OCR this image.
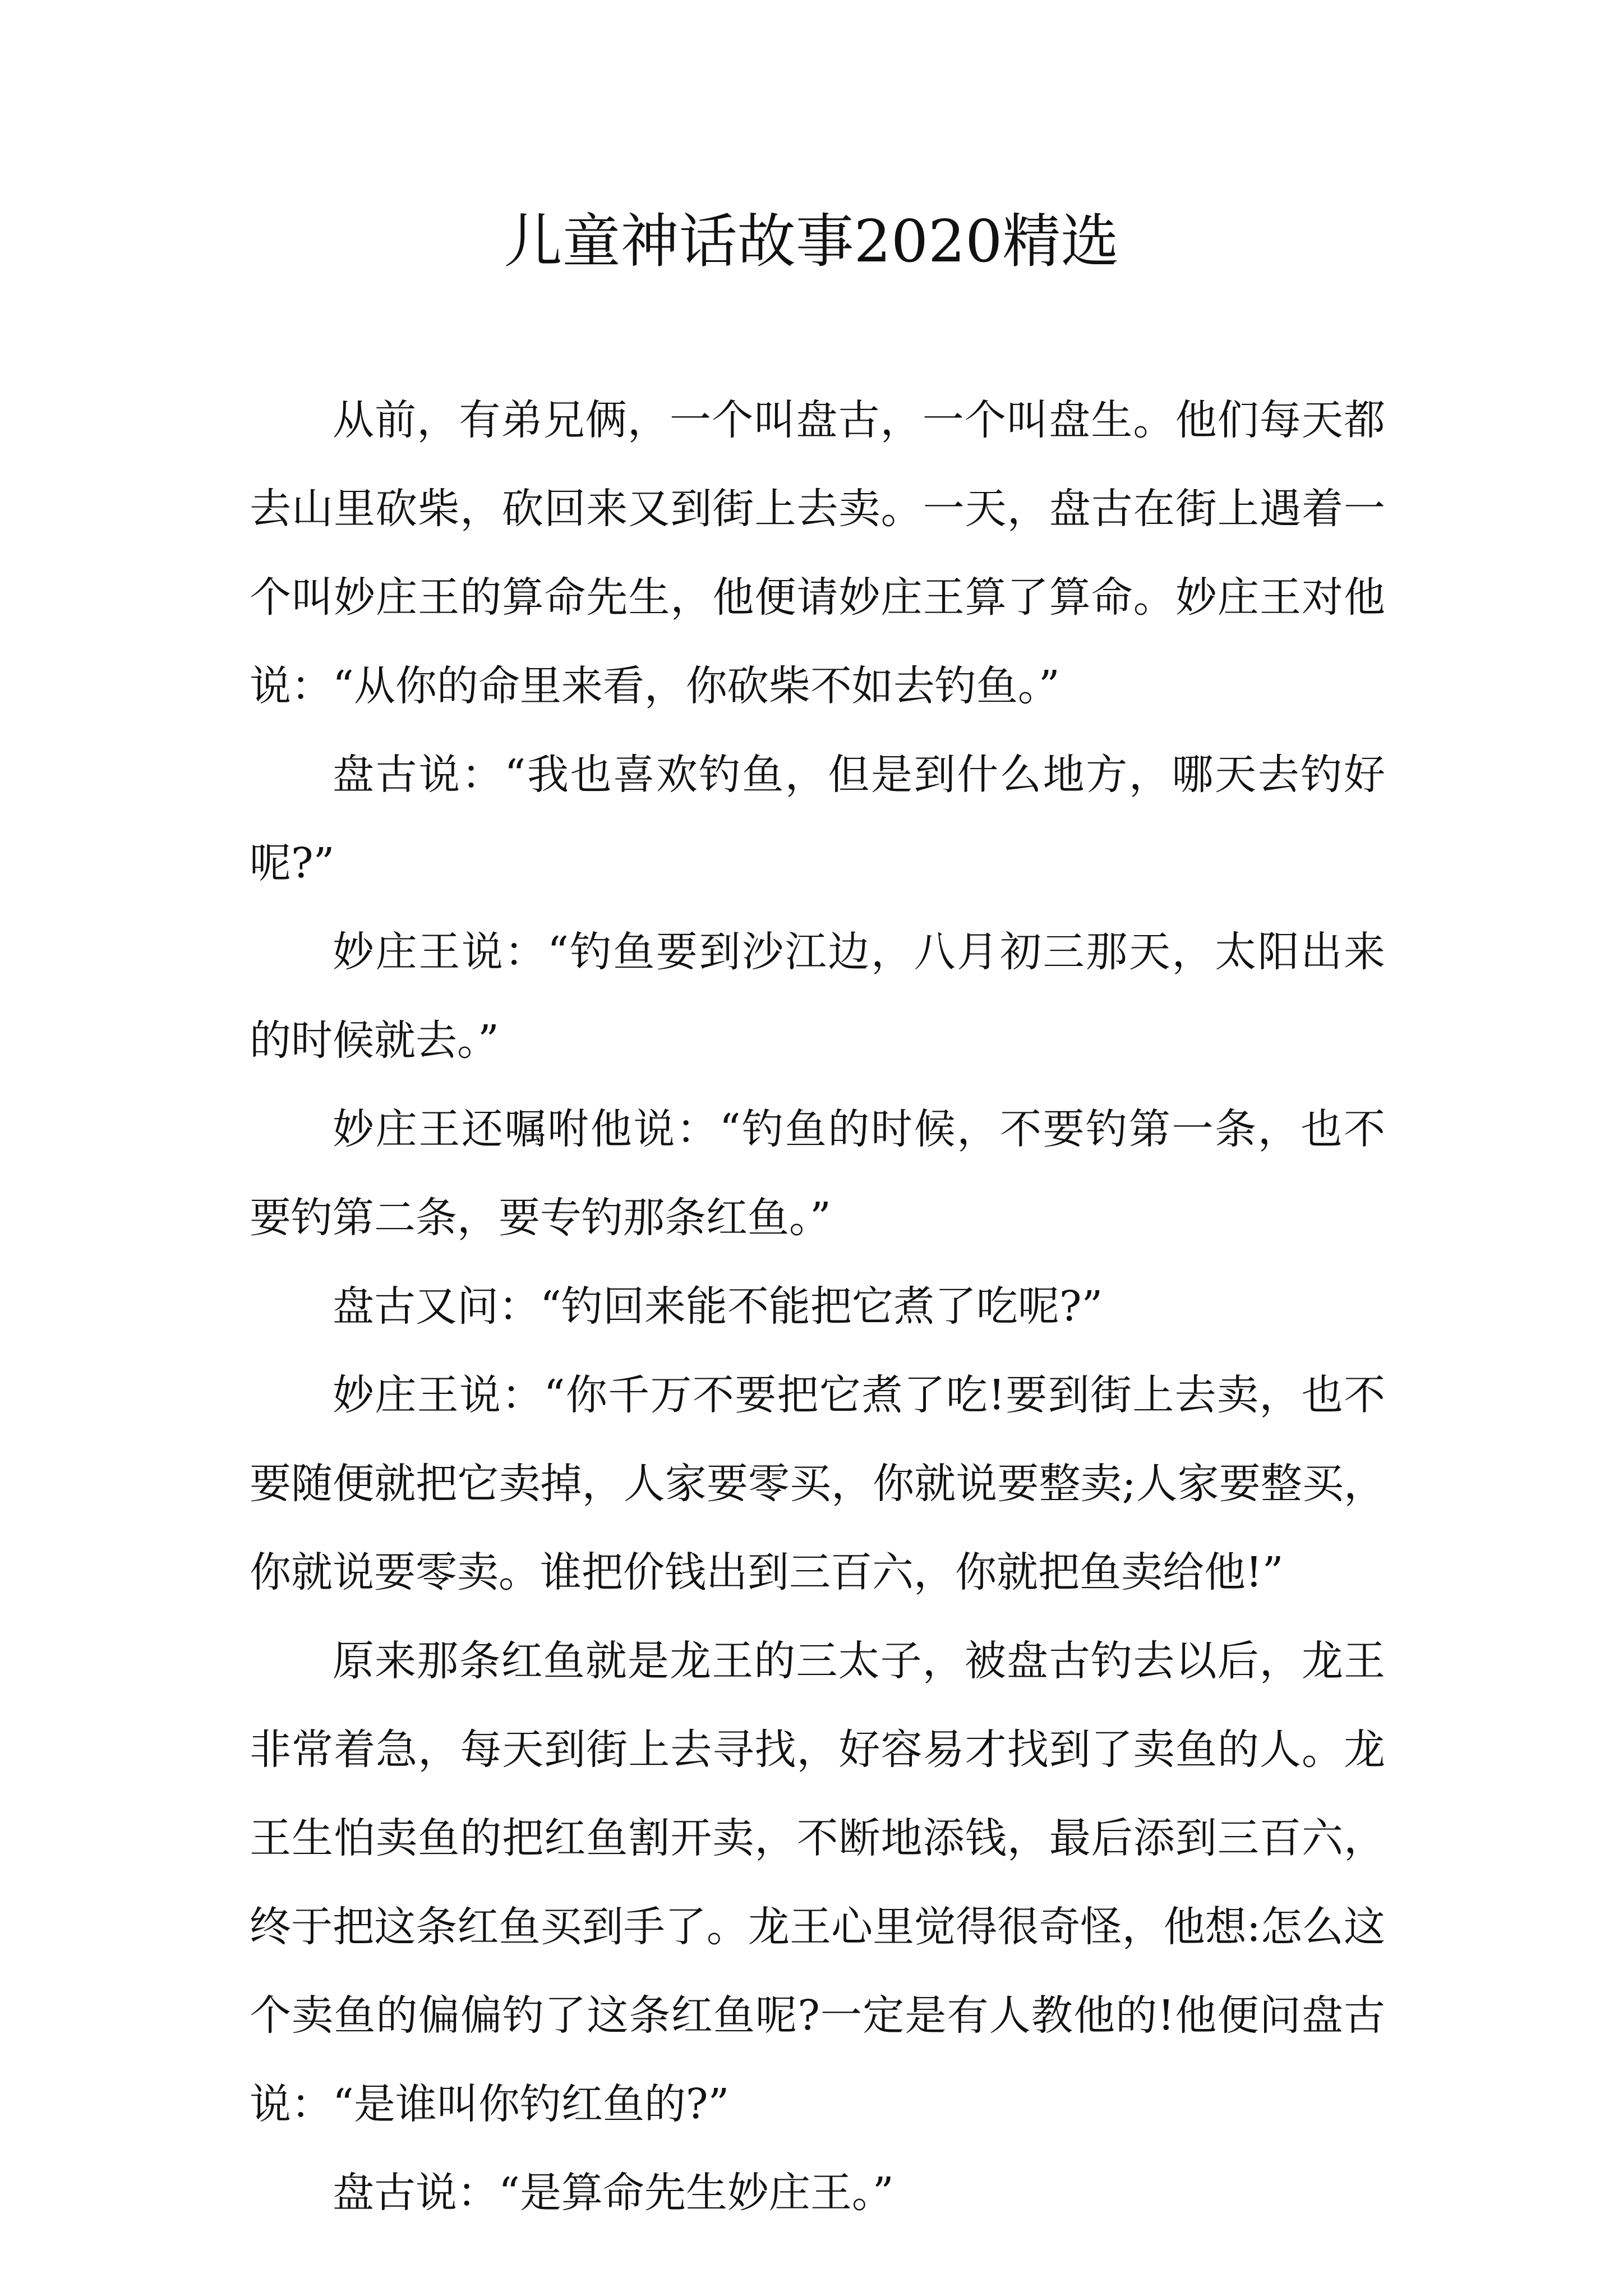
儿童神话故事2020精选

从前，有弟兄俩，一个叫盘古，一个叫盘生。他们每天都去山里砍柴，砍回来又到街上去卖。一天，盘古在街上遇着一个叫妙庄王的算命先生，他便请妙庄王算了算命。妙庄王对他说：“从你的命里来看，你砍柴不如去钓鱼。”

盘古说：“我也喜欢钓鱼，但是到什么地方，哪天去钓好呢?”

妙庄王说：“钓鱼要到沙江边，八月初三那天，太阳出来的时候就去。”

妙庄王还嘱咐他说：“钓鱼的时候，不要钓第一条，也不要钓第二条，要专钓那条红鱼。”

盘古又问：“钓回来能不能把它煮了吃呢?”

妙庄王说：“你千万不要把它煮了吃!要到街上去卖，也不要随便就把它卖掉，人家要零买，你就说要整卖;人家要整买，你就说要零卖。谁把价钱出到三百六，你就把鱼卖给他!”

原来那条红鱼就是龙王的三太子，被盘古钓去以后，龙王非常着急，每天到街上去寻找，好容易才找到了卖鱼的人。龙王生怕卖鱼的把红鱼割开卖，不断地添钱，最后添到三百六，终于把这条红鱼买到手了。龙王心里觉得很奇怪，他想:怎么这个卖鱼的偏偏钓了这条红鱼呢?一定是有人教他的!他便问盘古说：“是谁叫你钓红鱼的?”

盘古说：“是算命先生妙庄王。”
